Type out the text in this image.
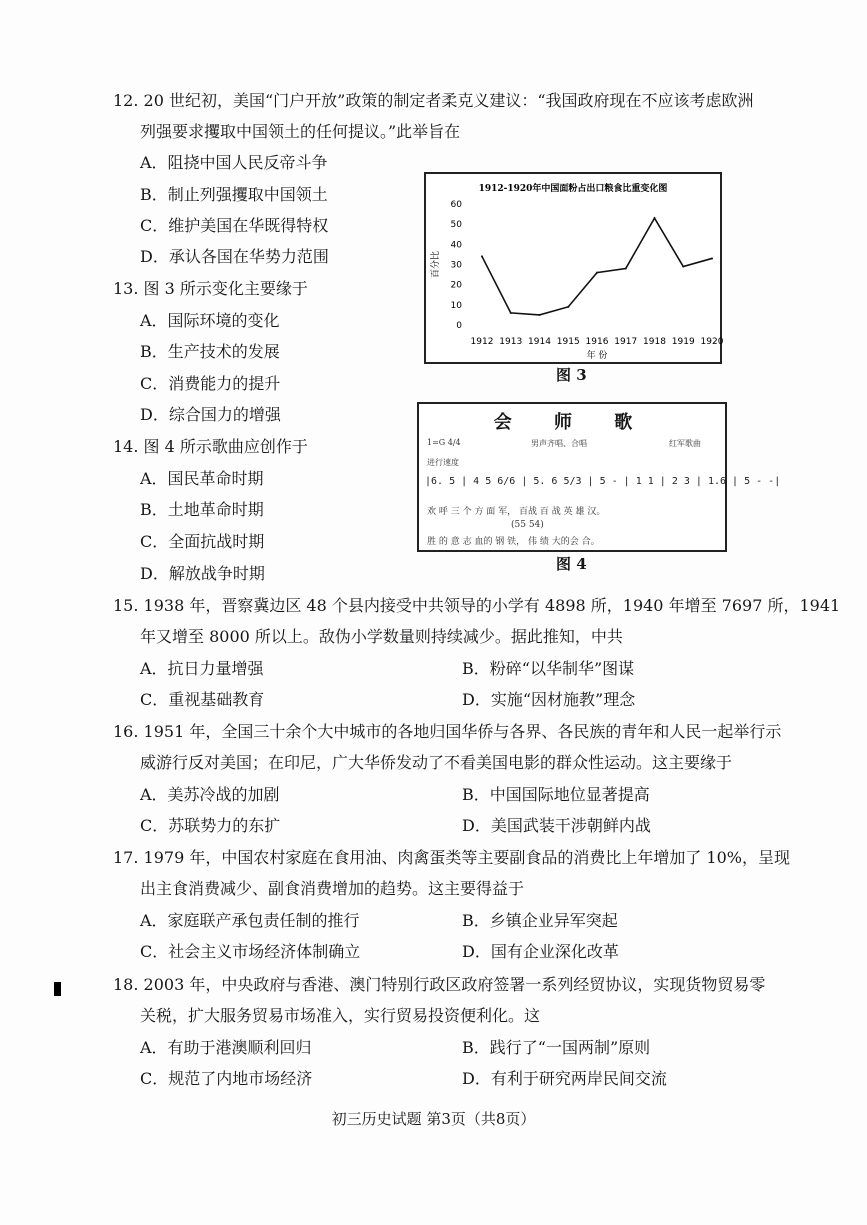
12. 20 世纪初，美国“门户开放”政策的制定者柔克义建议：“我国政府现在不应该考虑欧洲
列强要求攫取中国领土的任何提议。”此举旨在
A．阻挠中国人民反帝斗争
B．制止列强攫取中国领土
C．维护美国在华既得特权
D．承认各国在华势力范围
13. 图 3 所示变化主要缘于
A．国际环境的变化
B．生产技术的发展
C．消费能力的提升
D．综合国力的增强
1912-1920年中国面粉占出口粮食比重变化图
60
50
40
30
20
10
0
百分比
1912 1913 1914 1915 1916 1917 1918 1919 1920
年 份
图 3
14. 图 4 所示歌曲应创作于
A．国民革命时期
B．土地革命时期
C．全面抗战时期
D．解放战争时期
会 师 歌
1=G 4/4	男声齐唱、合唱	红军歌曲
进行速度
|6. 5 | 4 5 6/6 | 5. 6 5/3 | 5 - | 1 1 | 2 3 | 1.6 | 5 - -|
欢 呼 三 个 方 面 军， 百战 百 战 英 雄 汉。
(55 54)
胜 的 意 志 血的 钢 铁， 伟 绩 大的会 合。
图 4
15. 1938 年，晋察冀边区 48 个县内接受中共领导的小学有 4898 所，1940 年增至 7697 所，1941
年又增至 8000 所以上。敌伪小学数量则持续减少。据此推知，中共
A．抗日力量增强	B．粉碎“以华制华”图谋
C．重视基础教育	D．实施“因材施教”理念
16. 1951 年，全国三十余个大中城市的各地归国华侨与各界、各民族的青年和人民一起举行示
威游行反对美国；在印尼，广大华侨发动了不看美国电影的群众性运动。这主要缘于
A．美苏冷战的加剧	B．中国国际地位显著提高
C．苏联势力的东扩	D．美国武装干涉朝鲜内战
17. 1979 年，中国农村家庭在食用油、肉禽蛋类等主要副食品的消费比上年增加了 10%，呈现
出主食消费减少、副食消费增加的趋势。这主要得益于
A．家庭联产承包责任制的推行	B．乡镇企业异军突起
C．社会主义市场经济体制确立	D．国有企业深化改革
18. 2003 年，中央政府与香港、澳门特别行政区政府签署一系列经贸协议，实现货物贸易零
关税，扩大服务贸易市场准入，实行贸易投资便利化。这
A．有助于港澳顺利回归	B．践行了“一国两制”原则
C．规范了内地市场经济	D．有利于研究两岸民间交流
初三历史试题 第3页（共8页）
